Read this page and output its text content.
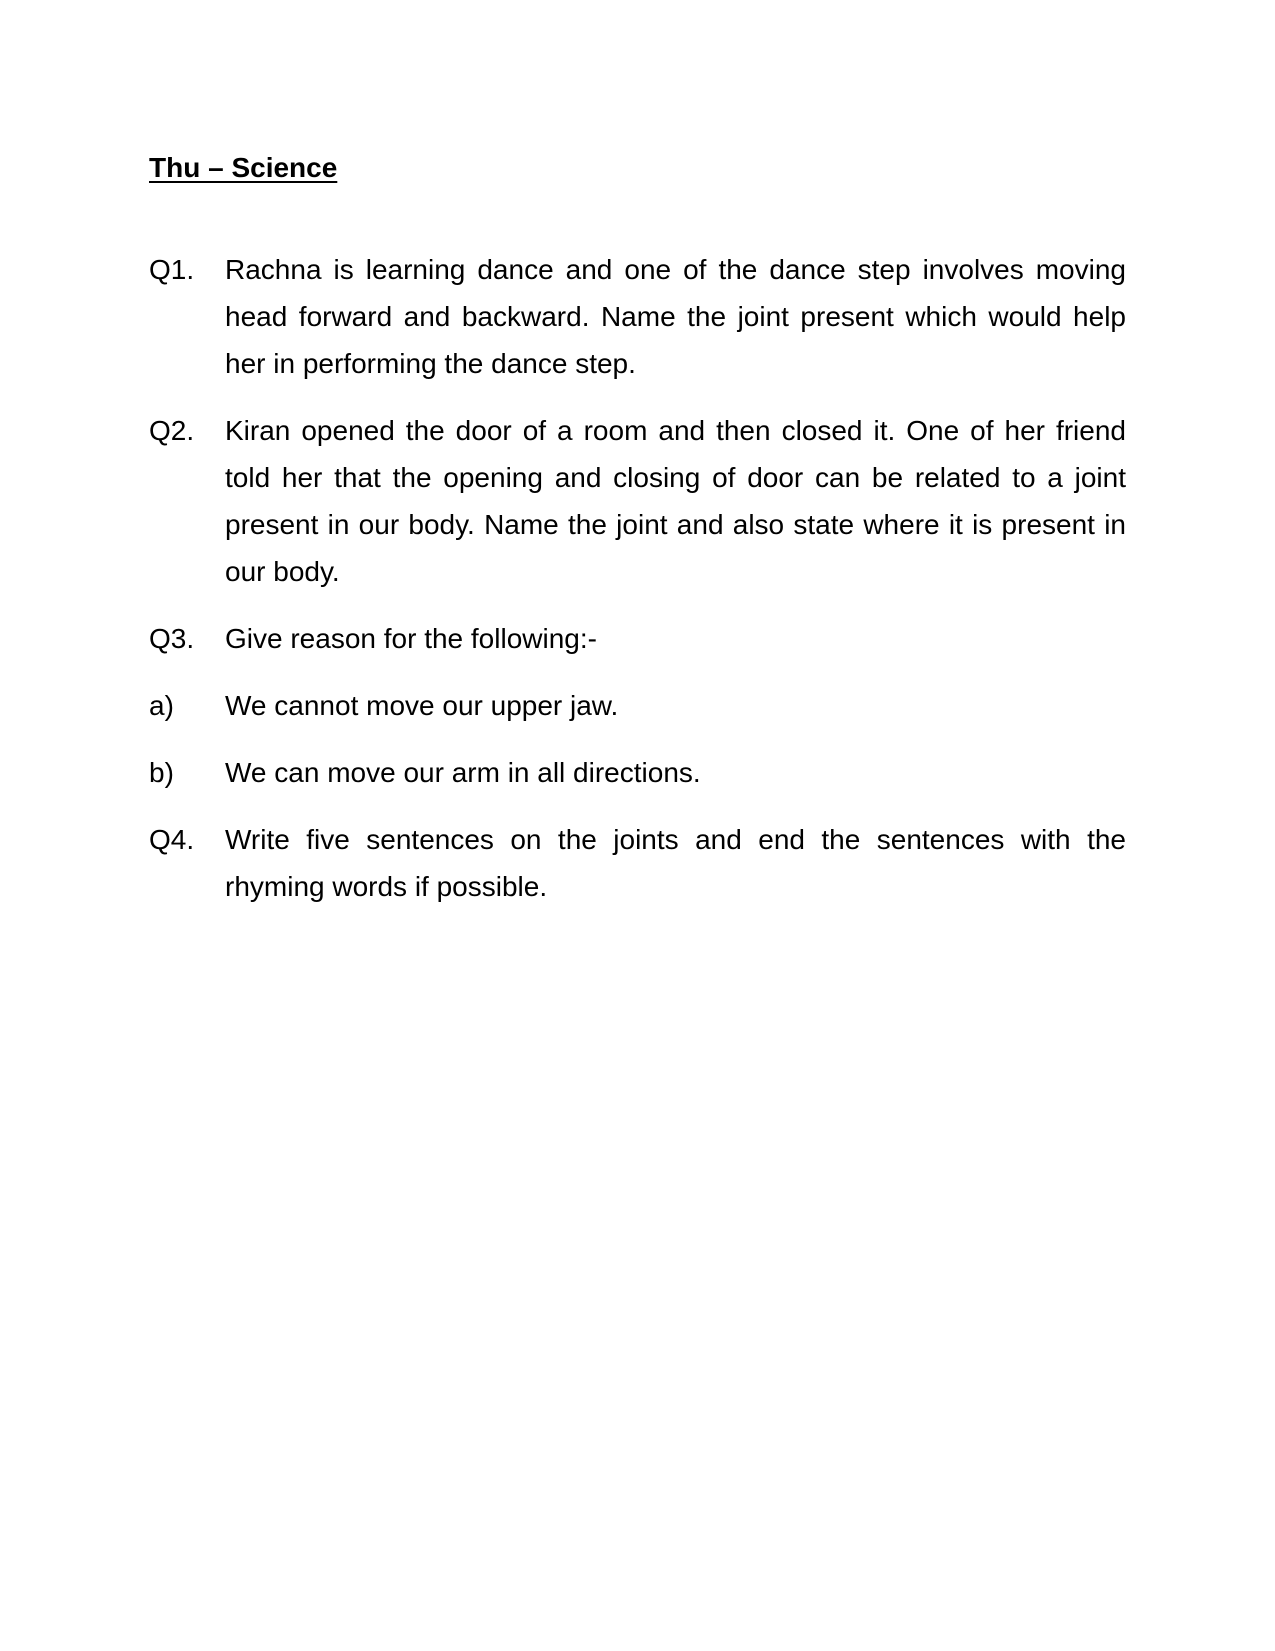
Thu – Science
Q1.	Rachna is learning dance and one of the dance step involves moving head forward and backward. Name the joint present which would help her in performing the dance step.

Q2.	Kiran opened the door of a room and then closed it. One of her friend told her that the opening and closing of door can be related to a joint present in our body. Name the joint and also state where it is present in our body.

Q3.	Give reason for the following:-

a)	We cannot move our upper jaw.

b)	We can move our arm in all directions.

Q4.	Write five sentences on the joints and end the sentences with the rhyming words if possible.
